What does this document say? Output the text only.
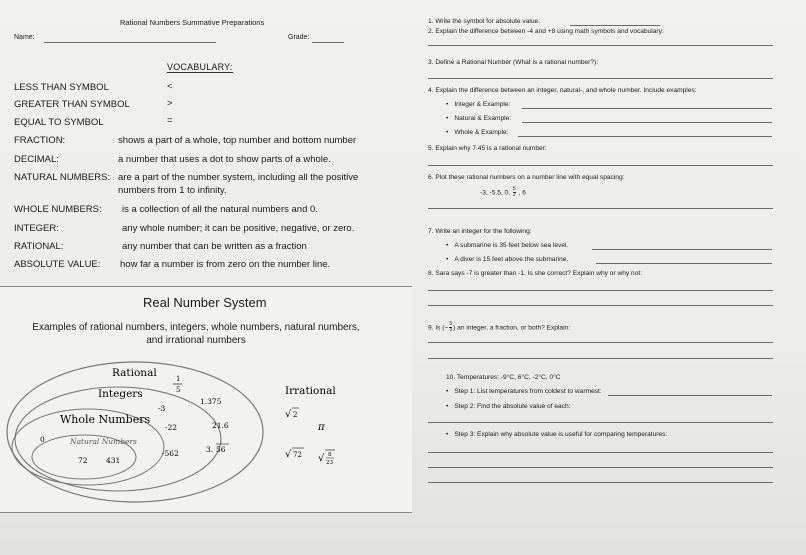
Rational Numbers Summative Preparations
Name:	Grade:
VOCABULARY:
LESS THAN SYMBOL	<
GREATER THAN SYMBOL	>
EQUAL TO SYMBOL	=
FRACTION:	shows a part of a whole, top number and bottom number
DECIMAL:	a number that uses a dot to show parts of a whole.
NATURAL NUMBERS: are a part of the number system, including all the positive
numbers from 1 to infinity.
WHOLE NUMBERS: is a collection of all the natural numbers and 0.
INTEGER:	any whole number; it can be positive, negative, or zero.
RATIONAL:	any number that can be written as a fraction
ABSOLUTE VALUE: how far a number is from zero on the number line.
Real Number System
Examples of rational numbers, integers, whole numbers, natural numbers,
and irrational numbers
Rational
Integers
Whole Numbers
Natural Numbers
Irrational
1
5
1.375
-3
-22	21.6
0
72 431
-562	3. 56
√ 2
π
√ 72 √ 8
23
1. Write the symbol for absolute value:
2. Explain the difference between -4 and +8 using math symbols and vocabulary:
3. Define a Rational Number (What is a rational number?):
4. Explain the difference between an integer, natural-, and whole number. Include examples:
• Integer & Example:
• Natural & Example:
• Whole & Example:
5. Explain why 7.45 is a rational number:
6. Plot these rational numbers on a number line with equal spacing:
-3, -5.5, 0, $\frac{5}{2}$ , 6
7. Write an integer for the following:
• A submarine is 35 feet below sea level.
• A diver is 15 feet above the submarine.
8. Sara says -7 is greater than -1. Is she correct? Explain why or why not:
9. Is (− $\frac{5}{3}$ ) an integer, a fraction, or both? Explain:
10. Temperatures: -9°C, 6°C, -2°C, 0°C
• Step 1: List temperatures from coldest to warmest:
• Step 2: Find the absolute value of each:
• Step 3: Explain why absolute value is useful for comparing temperatures:
